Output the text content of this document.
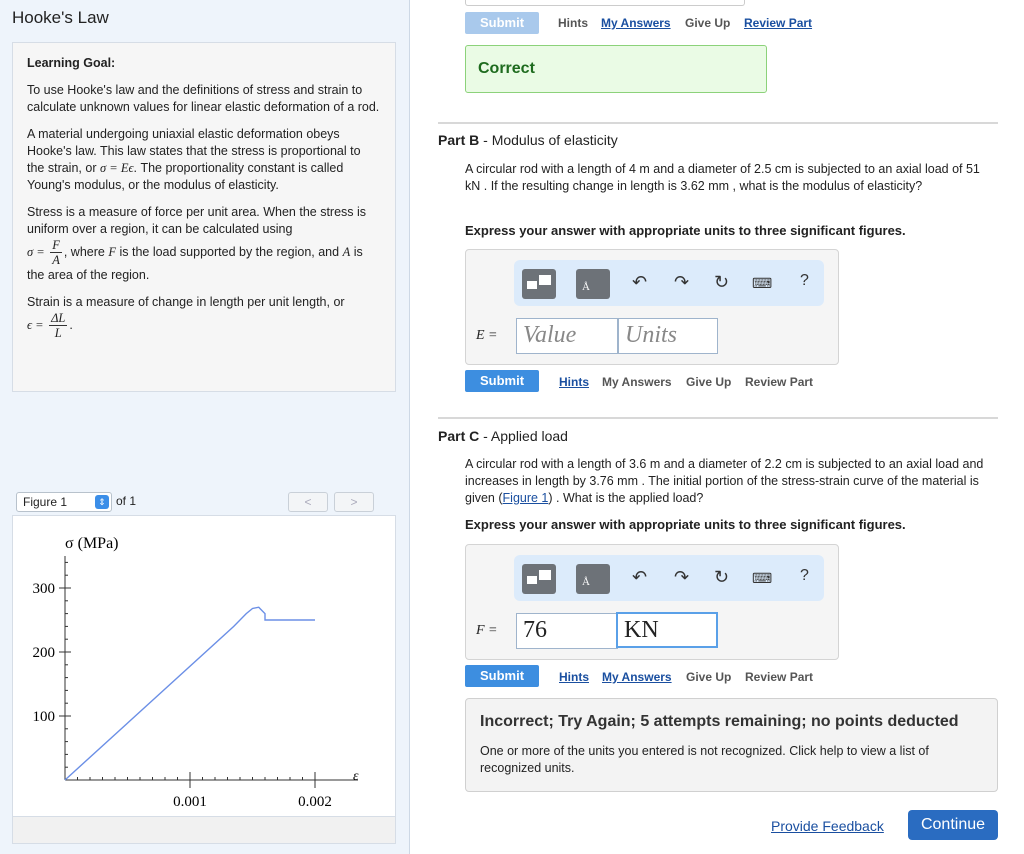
Hooke's Law

Learning Goal:

To use Hooke's law and the definitions of stress and strain to calculate unknown values for linear elastic deformation of a rod.

A material undergoing uniaxial elastic deformation obeys Hooke's law. This law states that the stress is proportional to the strain, or σ = Eϵ. The proportionality constant is called Young's modulus, or the modulus of elasticity.

Stress is a measure of force per unit area. When the stress is uniform over a region, it can be calculated using
$\sigma = \frac{F}{A}$ , where F is the load supported by the region, and A is the area of the region.

Strain is a measure of change in length per unit length, or
$\epsilon = \frac{\Delta L}{L}$ .

Figure 1	⇕ of 1	<	>
σ (MPa)
300
200
100
0.001	0.002
ε
Submit	Hints My Answers Give Up Review Part
Correct
Part B - Modulus of elasticity
A circular rod with a length of 4 m and a diameter of 2.5 cm is subjected to an axial load of 51 kN . If the resulting change in length is 3.62 mm , what is the modulus of elasticity?
Express your answer with appropriate units to three significant figures.
Å ↶ ↷ ↻ ⌨ ?
E = Value	Units
Submit	Hints My Answers Give Up Review Part
Part C - Applied load
A circular rod with a length of 3.6 m and a diameter of 2.2 cm is subjected to an axial load and increases in length by 3.76 mm . The initial portion of the stress-strain curve of the material is given (Figure 1) . What is the applied load?
Express your answer with appropriate units to three significant figures.
Å ↶ ↷ ↻ ⌨ ?
F = 76	KN
Submit	Hints My Answers Give Up Review Part
Incorrect; Try Again; 5 attempts remaining; no points deducted
One or more of the units you entered is not recognized. Click help to view a list of recognized units.
Provide Feedback	Continue
